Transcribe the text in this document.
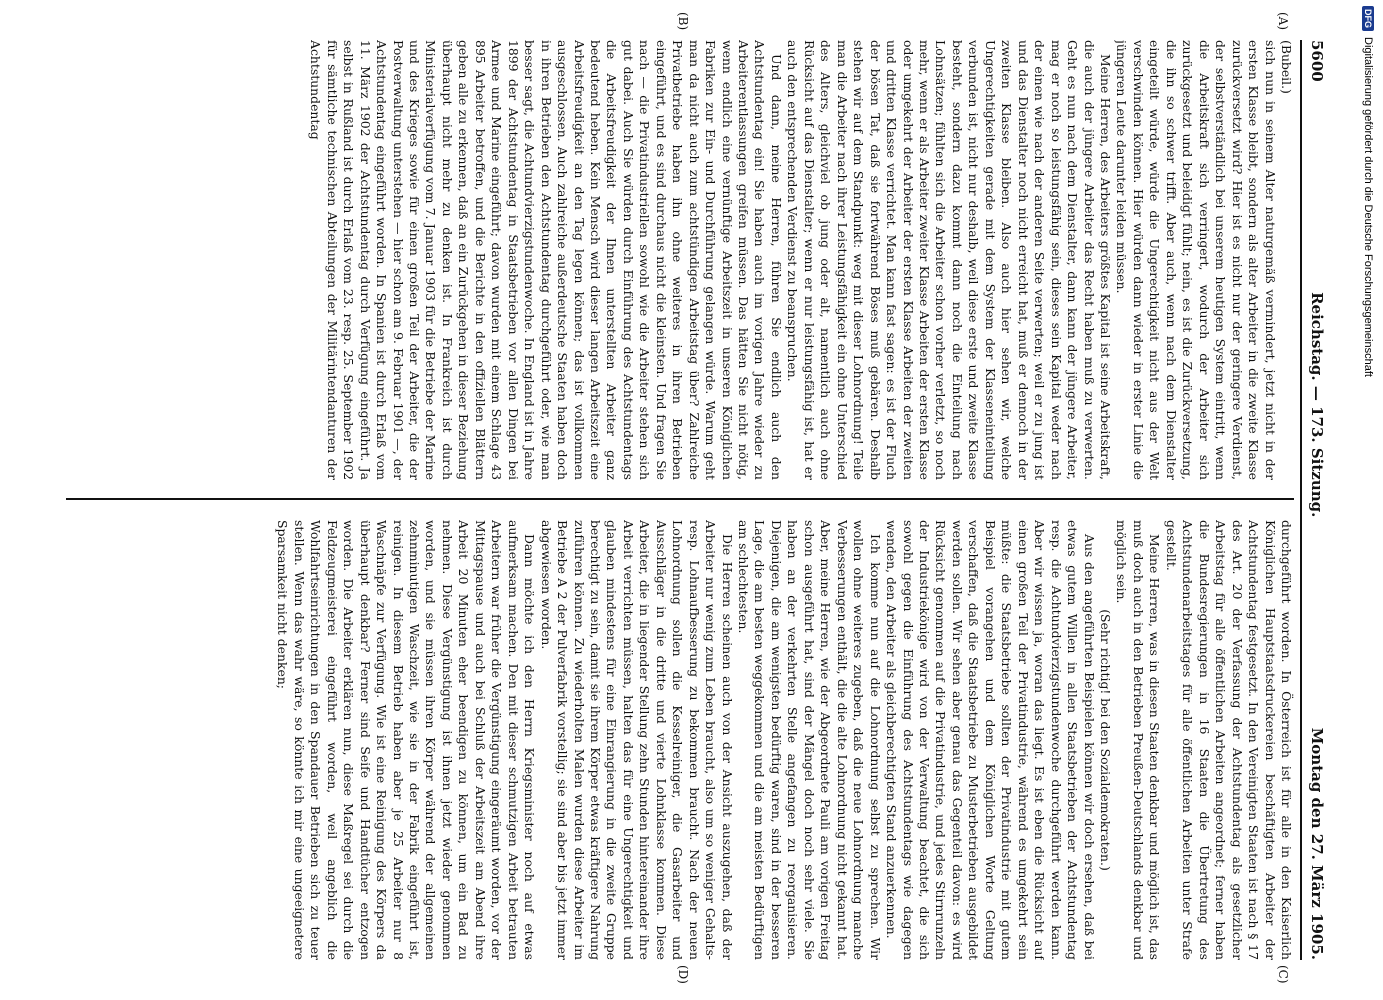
5600
Reichstag. — 173. Sitzung.
Montag den 27. März 1905.

(Bubeil.)

sich nun in seinem Alter naturgemäß vermindert, jetzt nicht in der ersten Klasse bleibt, sondern als alter Arbeiter in die zweite Klasse zurückversetzt wird? Hier ist es nicht nur der geringere Verdienst, der selbstverständlich bei unserem heutigen System eintritt, wenn die Arbeitskraft sich verringert, wodurch der Arbeiter sich zurückgesetzt und beleidigt fühlt; nein, es ist die Zurückversetzung, die ihn so schwer trifft. Aber auch, wenn nach dem Dienstalter eingeteilt würde, würde die Ungerechtigkeit nicht aus der Welt verschwinden können. Hier würden dann wieder in erster Linie die jüngeren Leute darunter leiden müssen.

Meine Herren, des Arbeiters größtes Kapital ist seine Arbeitskraft, die auch der jüngere Arbeiter das Recht haben muß zu verwerten. Geht es nun nach dem Dienstalter, dann kann der jüngere Arbeiter, mag er noch so leistungsfähig sein, dieses sein Kapital weder nach der einen wie nach der anderen Seite verwerten; weil er zu jung ist und das Dienstalter noch nicht erreicht hat, muß er dennoch in der zweiten Klasse bleiben. Also auch hier sehen wir, welche Ungerechtigkeiten gerade mit dem System der Klasseneinteilung verbunden ist, nicht nur deshalb, weil diese erste und zweite Klasse besteht, sondern dazu kommt dann noch die Einteilung nach Lohnsätzen; fühlten sich die Arbeiter schon vorher verletzt, so noch mehr, wenn er als Arbeiter zweiter Klasse Arbeiten der ersten Klasse oder umgekehrt der Arbeiter der ersten Klasse Arbeiten der zweiten und dritten Klasse verrichtet. Man kann fast sagen: es ist der Fluch der bösen Tat, daß sie fortwährend Böses muß gebären. Deshalb stehen wir auf dem Standpunkt: weg mit dieser Lohnordnung! Teile man die Arbeiter nach ihrer Leistungsfähigkeit ein ohne Unterschied des Alters, gleichviel ob jung oder alt, namentlich auch ohne Rücksicht auf das Dienstalter; wenn er nur leistungsfähig ist, hat er auch den entsprechenden Verdienst zu beanspruchen.

Und dann, meine Herren, führen Sie endlich auch den Achtstundentag ein! Sie haben auch im vorigen Jahre wieder zu Arbeiterentlassungen greifen müssen. Das hätten Sie nicht nötig, wenn endlich eine vernünftige Arbeitszeit in unseren Königlichen Fabriken zur Ein- und Durchführung gelangen würde. Warum geht man da nicht auch zum achtstündigen Arbeitstag über? Zahlreiche Privatbetriebe haben ihn ohne weiteres in ihren Betrieben eingeführt, und es sind durchaus nicht die kleinsten. Und fragen Sie nach — die Privatindustriellen sowohl wie die Arbeiter stehen sich gut dabei. Auch Sie würden durch Einführung des Achtstundentags die Arbeitsfreudigkeit der Ihnen unterstellten Arbeiter ganz bedeutend heben. Kein Mensch wird dieser langen Arbeitszeit eine Arbeitsfreudigkeit an den Tag legen können; das ist vollkommen ausgeschlossen. Auch zahlreiche außerdeutsche Staaten haben doch in ihren Betrieben den Achtstundentag durchgeführt oder, wie man besser sagt, die Achtundvierzigstundenwoche. In England ist in Jahre 1899 der Achtstundentag in Staatsbetrieben vor allen Dingen bei Armee und Marine eingeführt; davon wurden mit einem Schlage 43 895 Arbeiter betroffen, und die Berichte in den offiziellen Blättern geben alle zu erkennen, daß an ein Zurückgehen in dieser Beziehung überhaupt nicht mehr zu denken ist. In Frankreich ist durch Ministerialverfügung vom 7. Januar 1903 für die Betriebe der Marine und des Krieges sowie für einen großen Teil der Arbeiter, die der Postverwaltung unterstehen — hier schon am 9. Februar 1901 —, der Achtstundentag eingeführt worden. In Spanien ist durch Erlaß vom 11. März 1902 der Achtstundentag durch Verfügung eingeführt. Ja selbst in Rußland ist durch Erlaß vom 23. resp. 25. September 1902 für sämtliche technischen Abteilungen der Militärintendanturen der Achtstundentag

durchgeführt worden. In Österreich ist für alle in den Kaiserlich Königlichen Hauptstaatsdruckereien beschäftigten Arbeiter der Achtstundentag festgesetzt. In den Vereinigten Staaten ist nach § 17 des Art. 20 der Verfassung der Achtstundentag als gesetzlicher Arbeitstag für alle öffentlichen Arbeiten angeordnet; ferner haben die Bundesregierungen in 16 Staaten die Übertretung des Achtstundenarbeitstages für alle öffentlichen Arbeiten unter Strafe gestellt.

Meine Herren, was in diesen Staaten denkbar und möglich ist, das muß doch auch in den Betrieben Preußen-Deutschlands denkbar und möglich sein.

(Sehr richtig! bei den Sozialdemokraten.)

Aus den angeführten Beispielen können wir doch ersehen, daß bei etwas gutem Willen in allen Staatsbetrieben der Achtstundentag resp. die Achtundvierzigstundenwoche durchgeführt werden kann. Aber wir wissen ja, woran das liegt. Es ist eben die Rücksicht auf einen großen Teil der Privatindustrie, während es umgekehrt sein müßte: die Staatsbetriebe sollten der Privatindustrie mit gutem Beispiel vorangehen und dem Königlichen Worte Geltung verschaffen, daß die Staatsbetriebe zu Musterbetrieben ausgebildet werden sollen. Wir sehen aber genau das Gegenteil davon: es wird Rücksicht genommen auf die Privatindustrie, und jedes Stirnrunzeln der Industriekönige wird von der Verwaltung beachtet, die sich sowohl gegen die Einführung des Achtstundentags wie dagegen wenden, den Arbeiter als gleichberechtigten Stand anzuerkennen.

Ich komme nun auf die Lohnordnung selbst zu sprechen. Wir wollen ohne weiteres zugeben, daß die neue Lohnordnung manche Verbesserungen enthält, die die alte Lohnordnung nicht gekannt hat. Aber, meine Herren, wie der Abgeordnete Pauli am vorigen Freitag schon ausgeführt hat, sind der Mängel doch noch sehr viele. Sie haben an der verkehrten Stelle angefangen zu reorganisieren. Diejenigen, die am wenigsten bedürftig waren, sind in der besseren Lage, die am besten weggekommen und die am meisten Bedürftigen am schlechtesten.

Die Herren scheinen auch von der Ansicht auszugehen, daß der Arbeiter nur wenig zum Leben braucht, also um so weniger Gehalts- resp. Lohnaufbesserung zu bekommen braucht. Nach der neuen Lohnordnung sollen die Kesselreiniger, die Gasarbeiter und Ausschläger in die dritte und vierte Lohnklasse kommen. Diese Arbeiter, die in liegender Stellung zehn Stunden hintereinander ihre Arbeit verrichten müssen, halten das für eine Ungerechtigkeit und glauben mindestens für eine Einrangierung in die zweite Gruppe berechtigt zu sein, damit sie ihrem Körper etwas kräftigere Nahrung zuführen können. Zu wiederholten Malen wurden diese Arbeiter im Betriebe A 2 der Pulverfabrik vorstellig; sie sind aber bis jetzt immer abgewiesen worden.

Dann möchte ich den Herrn Kriegsminister noch auf etwas aufmerksam machen. Den mit dieser schmutzigen Arbeit betrauten Arbeitern war früher die Vergünstigung eingeräumt worden, vor der Mittagspause und auch bei Schluß der Arbeitszeit am Abend ihre Arbeit 20 Minuten eher beendigen zu können, um ein Bad zu nehmen. Diese Vergünstigung ist ihnen jetzt wieder genommen worden, und sie müssen ihren Körper während der allgemeinen zehnminutigen Waschzeit, wie sie in der Fabrik eingeführt ist, reinigen. In diesem Betrieb haben aber je 25 Arbeiter nur 8 Waschnäpfe zur Verfügung. Wie ist eine Reinigung des Körpers da überhaupt denkbar? Ferner sind Seife und Handtücher entzogen worden. Die Arbeiter erklären nun, diese Maßregel sei durch die Feldzeugmeisterei eingeführt worden, weil angeblich die Wohlfahrtseinrichtungen in den Spandauer Betrieben sich zu teuer stellen. Wenn das wahr wäre, so könnte ich mir eine ungeeignetere Sparsamkeit nicht denken;

(A)
(B)
(C)
(D)
DFG
Digitalisierung gefördert durch die Deutsche Forschungsgemeinschaft
